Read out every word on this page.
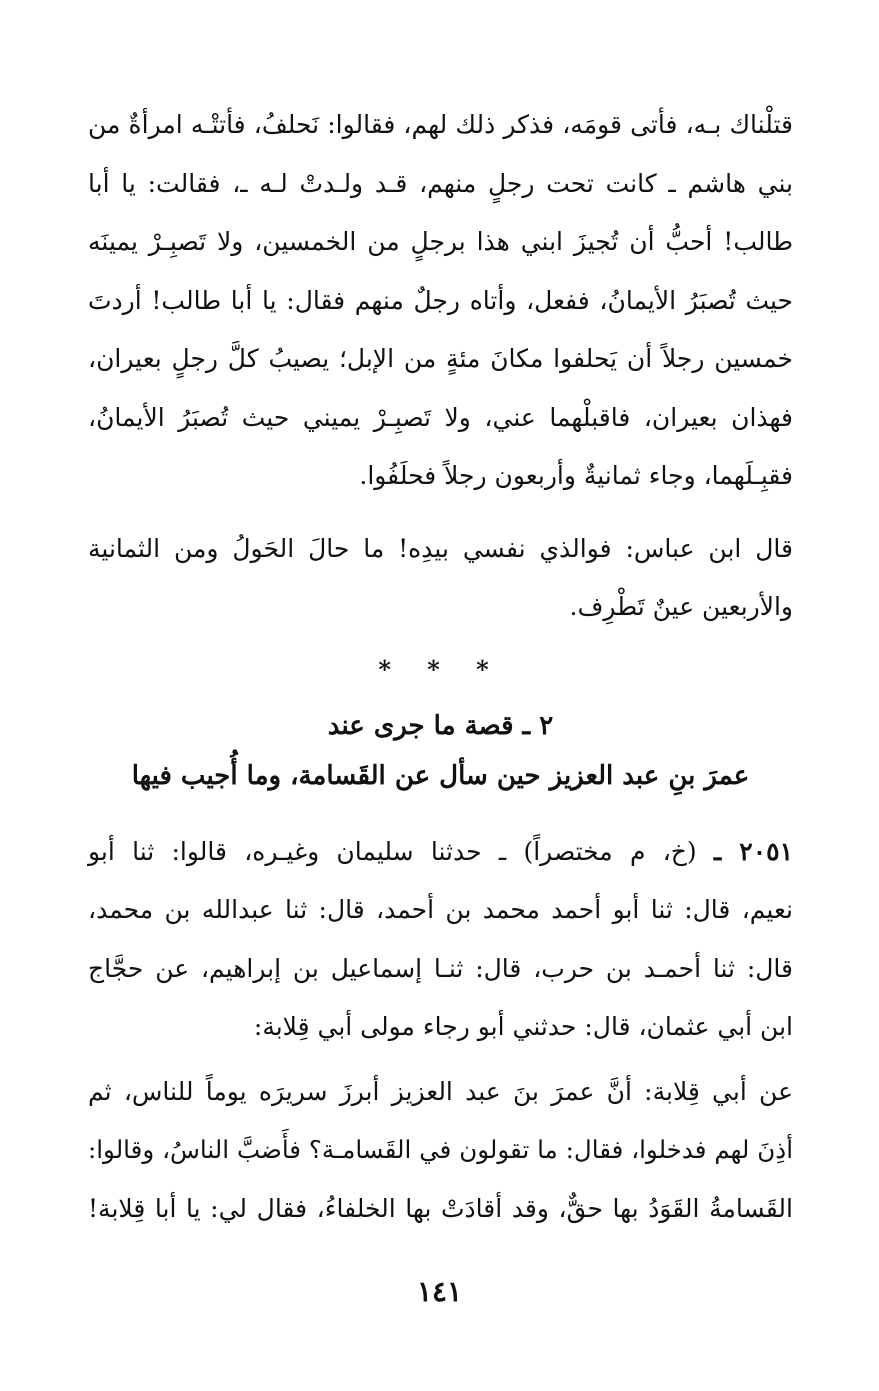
قتلْناك بـه، فأتى قومَه، فذكر ذلك لهم، فقالوا: نَحلفُ، فأتتْـه امرأةٌ من
بني هاشم ـ كانت تحت رجلٍ منهم، قـد ولـدتْ لـه ـ، فقالت: يا أبا
طالب! أحبُّ أن تُجيزَ ابني هذا برجلٍ من الخمسين، ولا تَصبِـرْ يمينَه
حيث تُصبَرُ الأيمانُ، ففعل، وأتاه رجلٌ منهم فقال: يا أبا طالب! أردتَ
خمسين رجلاً أن يَحلفوا مكانَ مئةٍ من الإبل؛ يصيبُ كلَّ رجلٍ بعيران،
فهذان بعيران، فاقبلْهما عني، ولا تَصبِـرْ يميني حيث تُصبَرُ الأيمانُ،
فقبِـلَهما، وجاء ثمانيةٌ وأربعون رجلاً فحلَفُوا.
قال ابن عباس: فوالذي نفسي بيدِه! ما حالَ الحَولُ ومن الثمانية
والأربعين عينٌ تَطْرِف.
* * *
٢ ـ قصة ما جرى عند
عمرَ بنِ عبد العزيز حين سأل عن القَسامة، وما أُجيب فيها
٢٠٥١ ـ (خ، م مختصراً) ـ حدثنا سليمان وغيـره، قالوا: ثنا أبو
نعيم، قال: ثنا أبو أحمد محمد بن أحمد، قال: ثنا عبدالله بن محمد،
قال: ثنا أحمـد بن حرب، قال: ثنـا إسماعيل بن إبراهيم، عن حجَّاج
ابن أبي عثمان، قال: حدثني أبو رجاء مولى أبي قِلابة:
عن أبي قِلابة: أنَّ عمرَ بنَ عبد العزيز أبرزَ سريرَه يوماً للناس، ثم
أذِنَ لهم فدخلوا، فقال: ما تقولون في القَسامـة؟ فأَضبَّ الناسُ، وقالوا:
القَسامةُ القَوَدُ بها حقٌّ، وقد أقادَتْ بها الخلفاءُ، فقال لي: يا أبا قِلابة!
١٤١
